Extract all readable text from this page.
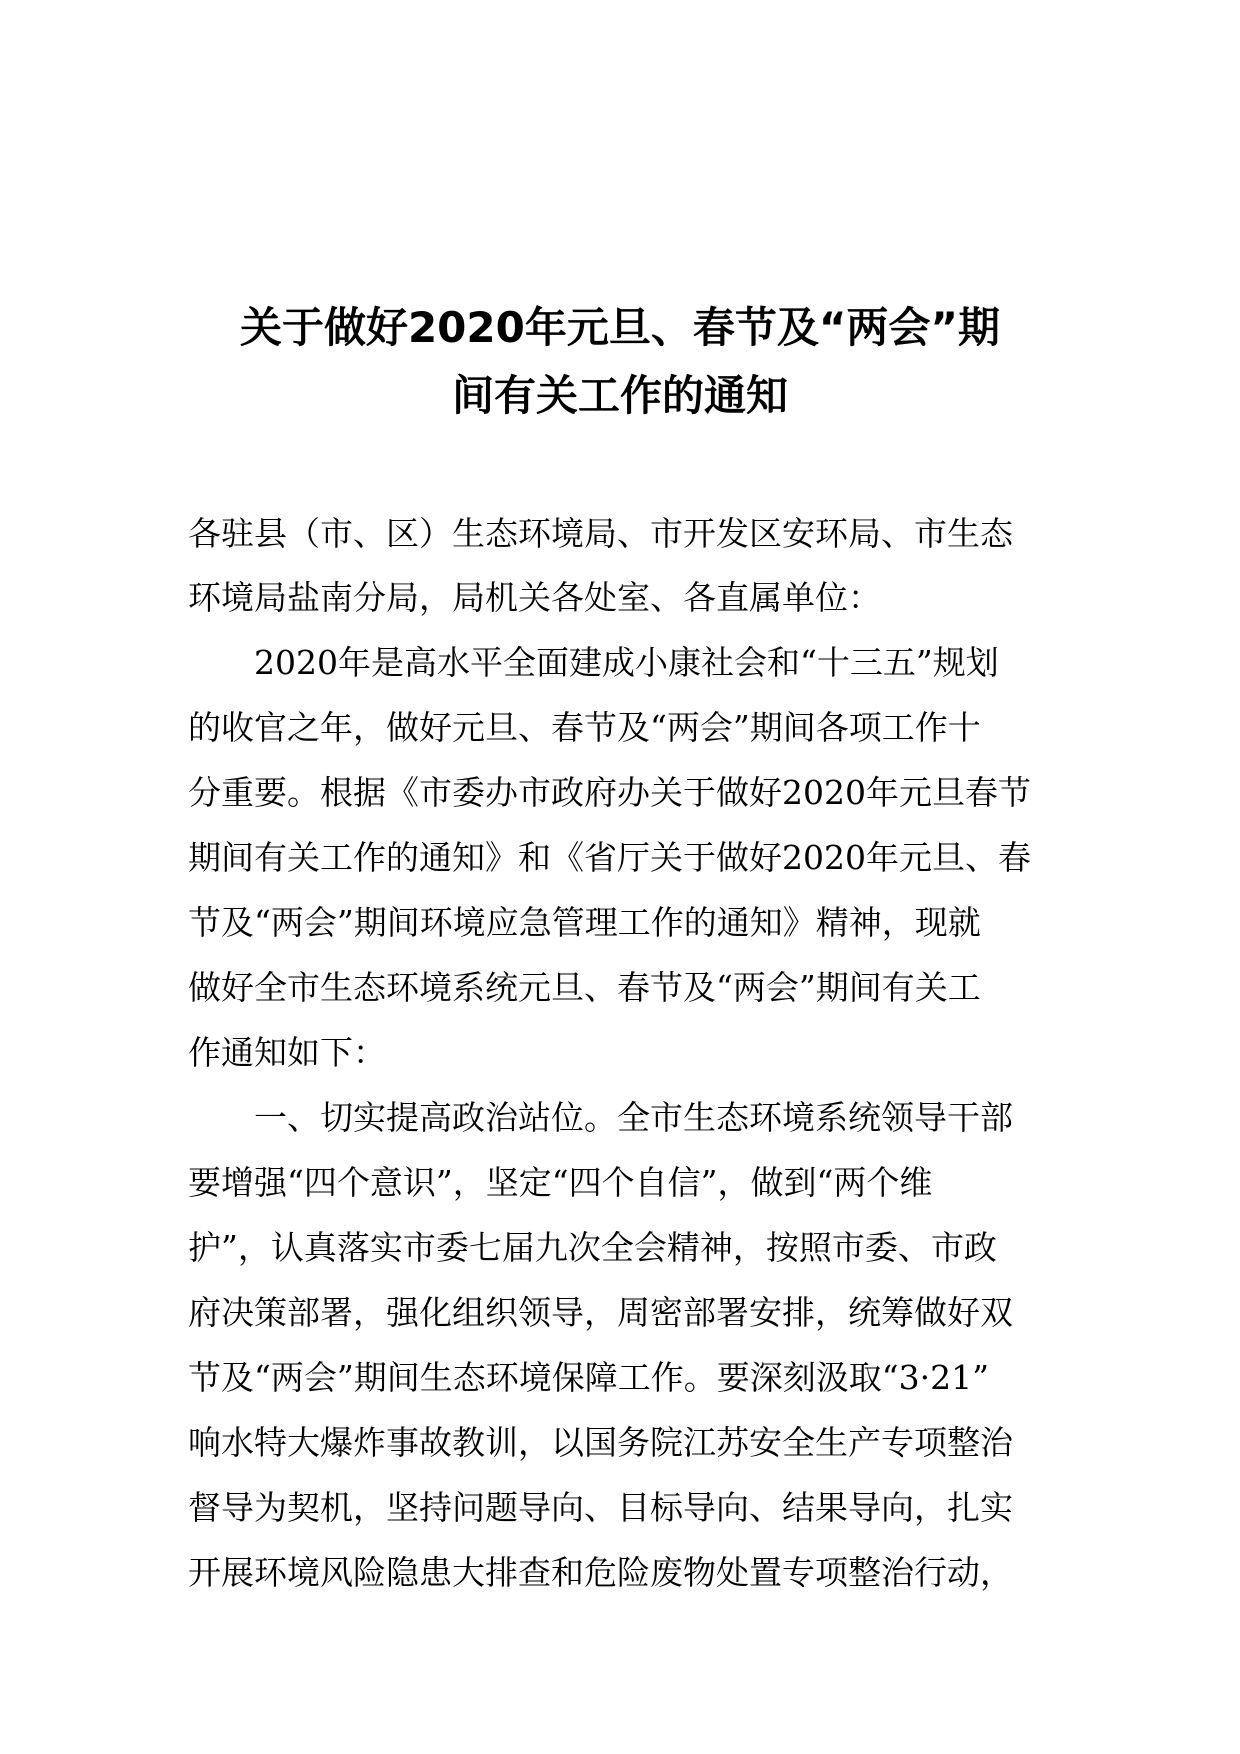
关于做好2020年元旦、春节及“两会”期
间有关工作的通知
各驻县（市、区）生态环境局、市开发区安环局、市生态
环境局盐南分局，局机关各处室、各直属单位：
2020年是高水平全面建成小康社会和“十三五”规划
的收官之年，做好元旦、春节及“两会”期间各项工作十
分重要。根据《市委办市政府办关于做好2020年元旦春节
期间有关工作的通知》和《省厅关于做好2020年元旦、春
节及“两会”期间环境应急管理工作的通知》精神，现就
做好全市生态环境系统元旦、春节及“两会”期间有关工
作通知如下：
一、切实提高政治站位。全市生态环境系统领导干部
要增强“四个意识”，坚定“四个自信”，做到“两个维
护”，认真落实市委七届九次全会精神，按照市委、市政
府决策部署，强化组织领导，周密部署安排，统筹做好双
节及“两会”期间生态环境保障工作。要深刻汲取“3·21”
响水特大爆炸事故教训，以国务院江苏安全生产专项整治
督导为契机，坚持问题导向、目标导向、结果导向，扎实
开展环境风险隐患大排查和危险废物处置专项整治行动，
